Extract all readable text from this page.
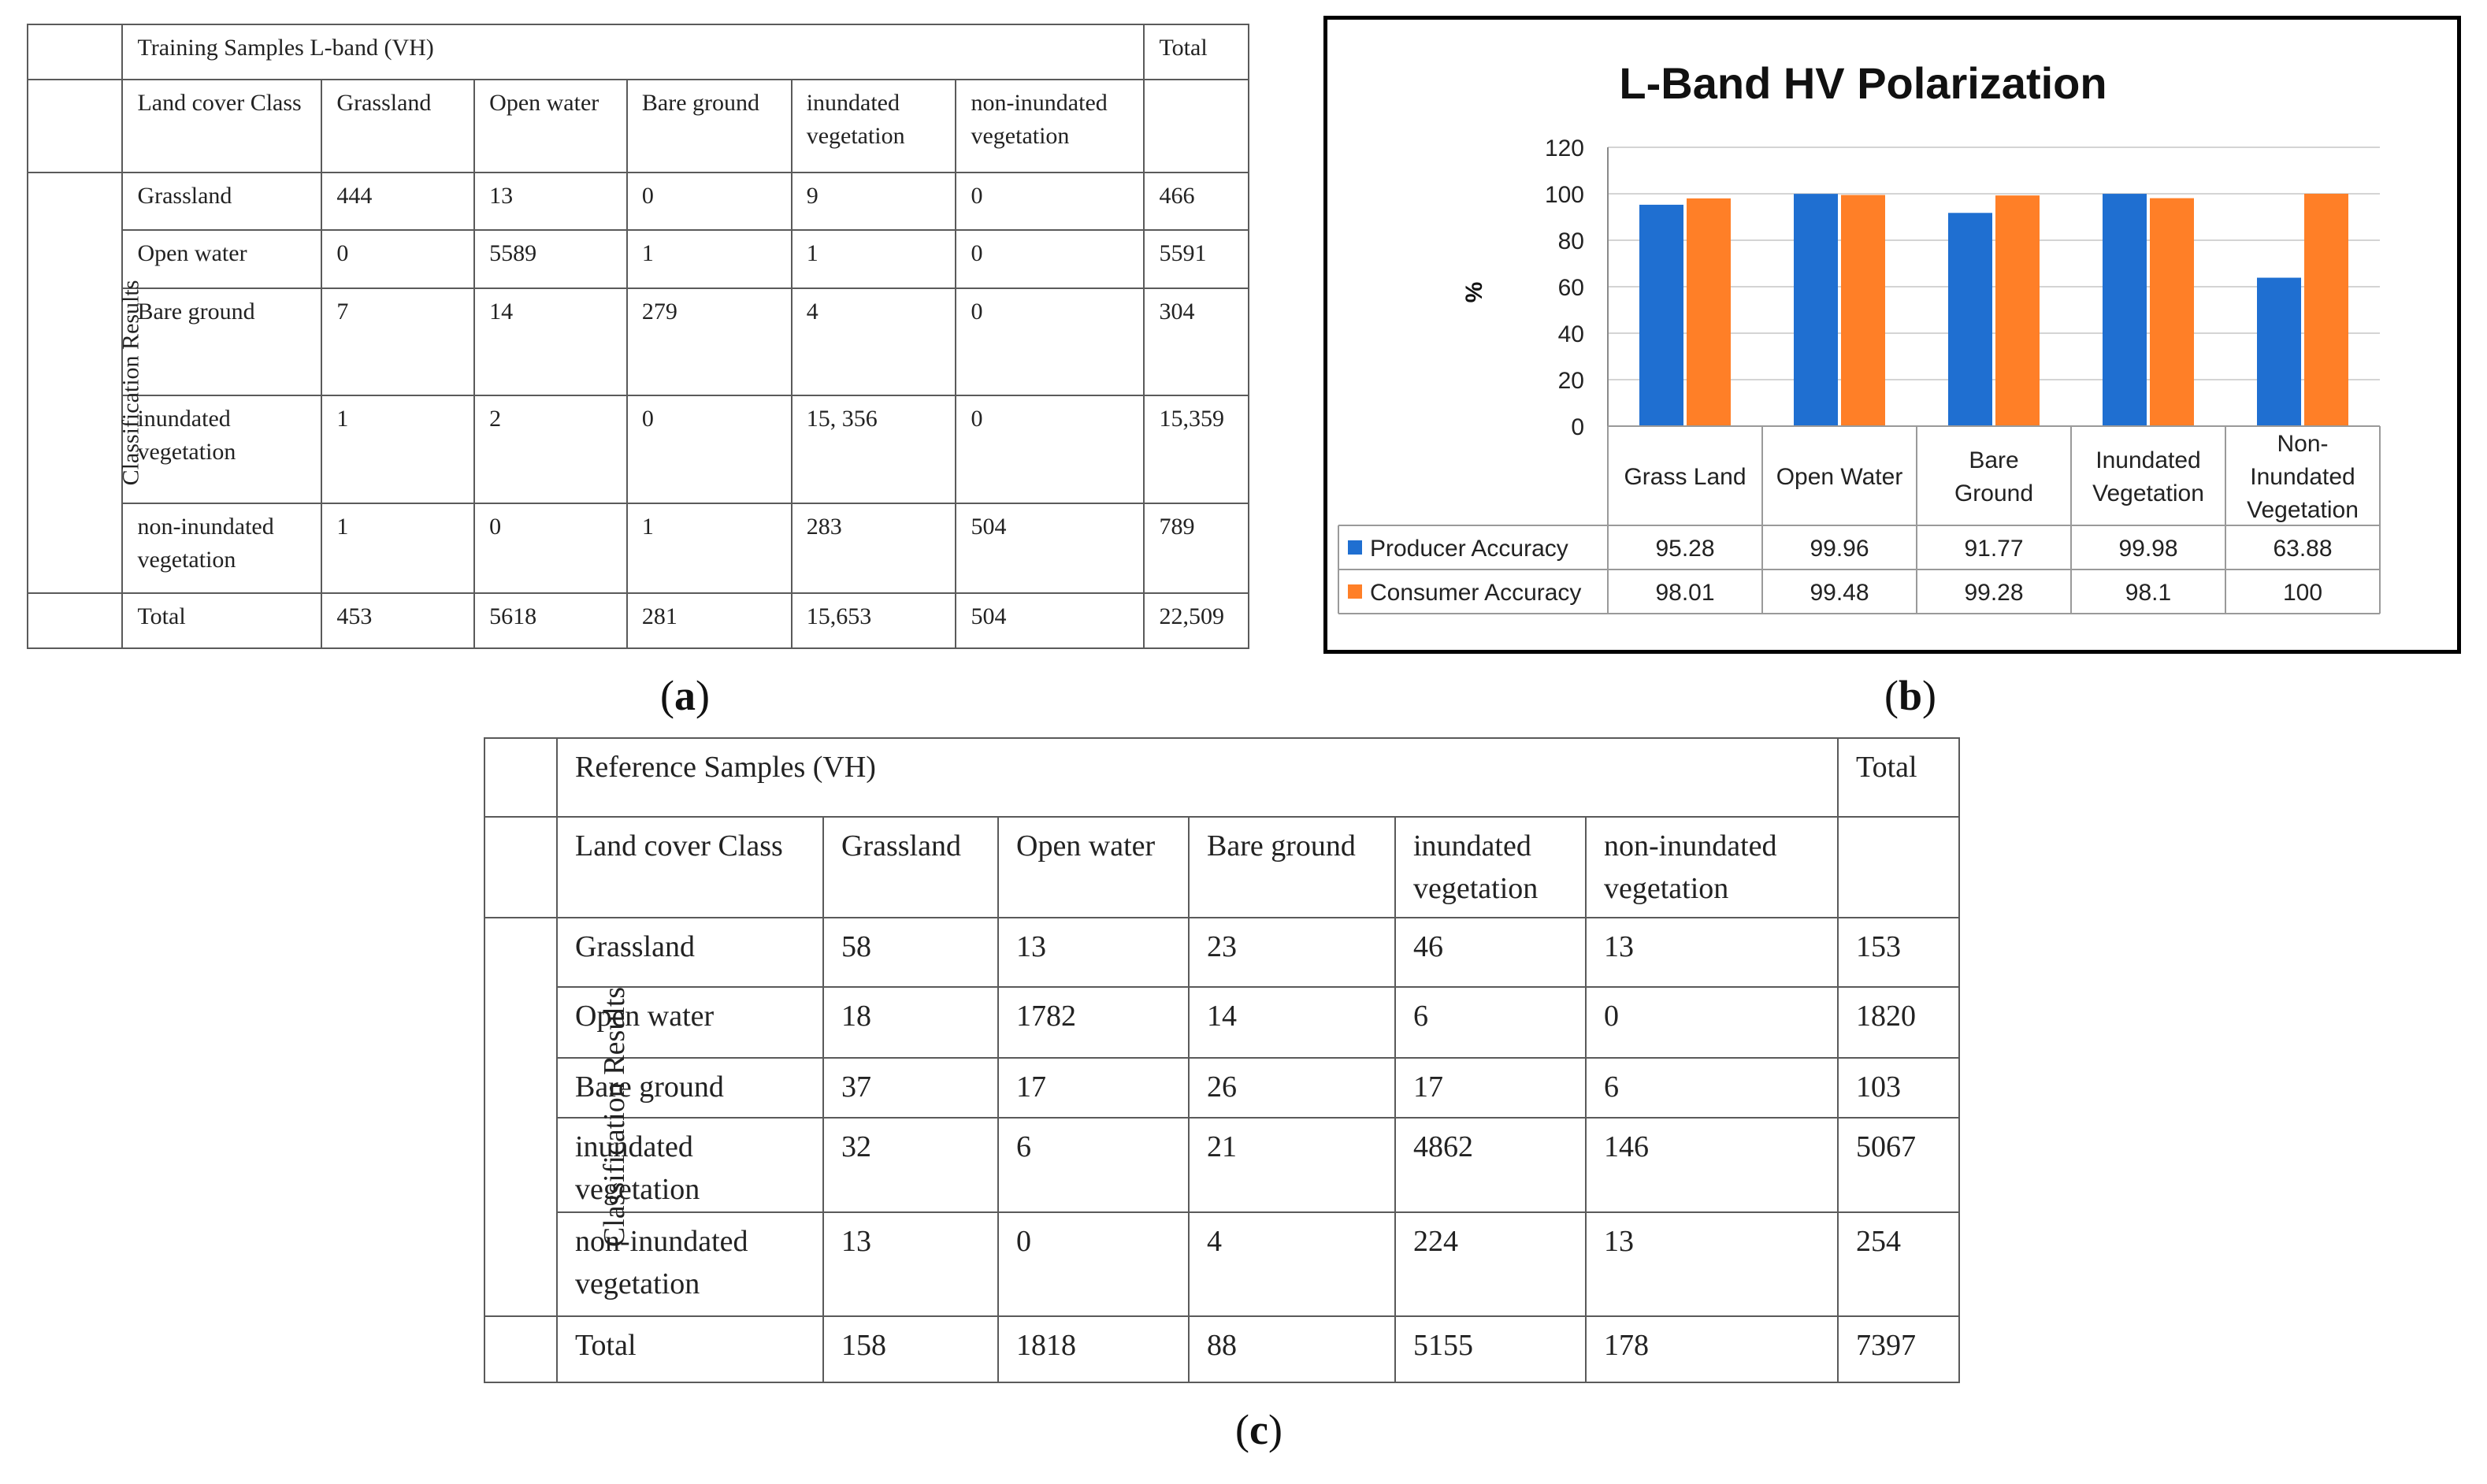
	Training Samples L-band (VH)						Total
	Land cover Class	Grassland	Open water	Bare ground	inundated vegetation	non-inundated vegetation	
Classification Results	Grassland	444	13	0	9	0	466
	Open water	0	5589	1	1	0	5591
	Bare ground	7	14	279	4	0	304
	inundated vegetation	1	2	0	15, 356	0	15,359
	non-inundated vegetation	1	0	1	283	504	789
	Total	453	5618	281	15,653	504	22,509
(a)
L-Band HV Polarization
%
0
20
40
60
80
100
120
Grass Land Open Water
Bare Ground
Inundated Vegetation
Non-Inundated Vegetation
Producer Accuracy	95.28	99.96	91.77	99.98	63.88
Consumer Accuracy	98.01	99.48	99.28	98.1	100
(b)
	Reference Samples (VH)						Total
	Land cover Class	Grassland	Open water	Bare ground	inundated vegetation	non-inundated vegetation	
Classification Results	Grassland	58	13	23	46	13	153
	Open water	18	1782	14	6	0	1820
	Bare ground	37	17	26	17	6	103
	inundated vegetation	32	6	21	4862	146	5067
	non-inundated vegetation	13	0	4	224	13	254
	Total	158	1818	88	5155	178	7397
(c)
